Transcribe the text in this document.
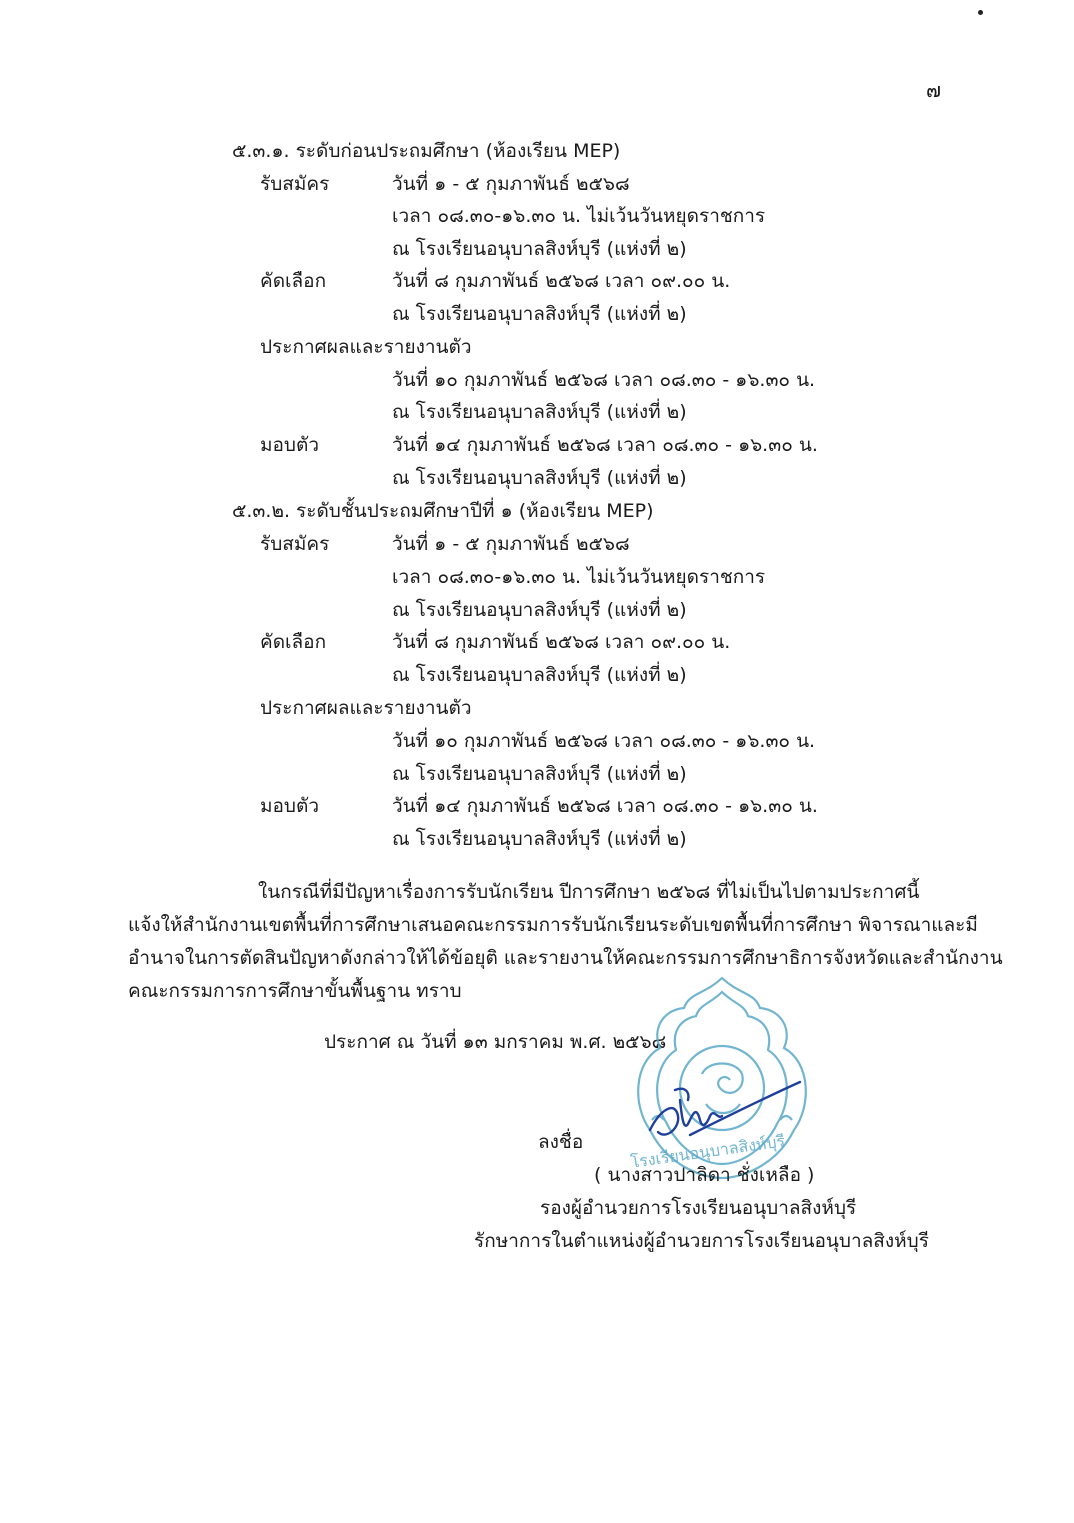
๗
๕.๓.๑. ระดับก่อนประถมศึกษา (ห้องเรียน MEP)
รับสมัคร	วันที่ ๑ - ๕ กุมภาพันธ์ ๒๕๖๘
เวลา ๐๘.๓๐-๑๖.๓๐ น. ไม่เว้นวันหยุดราชการ
ณ โรงเรียนอนุบาลสิงห์บุรี (แห่งที่ ๒)
คัดเลือก	วันที่ ๘ กุมภาพันธ์ ๒๕๖๘ เวลา ๐๙.๐๐ น.
ณ โรงเรียนอนุบาลสิงห์บุรี (แห่งที่ ๒)
ประกาศผลและรายงานตัว
วันที่ ๑๐ กุมภาพันธ์ ๒๕๖๘ เวลา ๐๘.๓๐ - ๑๖.๓๐ น.
ณ โรงเรียนอนุบาลสิงห์บุรี (แห่งที่ ๒)
มอบตัว	วันที่ ๑๔ กุมภาพันธ์ ๒๕๖๘ เวลา ๐๘.๓๐ - ๑๖.๓๐ น.
ณ โรงเรียนอนุบาลสิงห์บุรี (แห่งที่ ๒)
๕.๓.๒. ระดับชั้นประถมศึกษาปีที่ ๑ (ห้องเรียน MEP)
รับสมัคร	วันที่ ๑ - ๕ กุมภาพันธ์ ๒๕๖๘
เวลา ๐๘.๓๐-๑๖.๓๐ น. ไม่เว้นวันหยุดราชการ
ณ โรงเรียนอนุบาลสิงห์บุรี (แห่งที่ ๒)
คัดเลือก	วันที่ ๘ กุมภาพันธ์ ๒๕๖๘ เวลา ๐๙.๐๐ น.
ณ โรงเรียนอนุบาลสิงห์บุรี (แห่งที่ ๒)
ประกาศผลและรายงานตัว
วันที่ ๑๐ กุมภาพันธ์ ๒๕๖๘ เวลา ๐๘.๓๐ - ๑๖.๓๐ น.
ณ โรงเรียนอนุบาลสิงห์บุรี (แห่งที่ ๒)
มอบตัว	วันที่ ๑๔ กุมภาพันธ์ ๒๕๖๘ เวลา ๐๘.๓๐ - ๑๖.๓๐ น.
ณ โรงเรียนอนุบาลสิงห์บุรี (แห่งที่ ๒)
ในกรณีที่มีปัญหาเรื่องการรับนักเรียน ปีการศึกษา ๒๕๖๘ ที่ไม่เป็นไปตามประกาศนี้
แจ้งให้สำนักงานเขตพื้นที่การศึกษาเสนอคณะกรรมการรับนักเรียนระดับเขตพื้นที่การศึกษา พิจารณาและมี
อำนาจในการตัดสินปัญหาดังกล่าวให้ได้ข้อยุติ และรายงานให้คณะกรรมการศึกษาธิการจังหวัดและสำนักงาน
คณะกรรมการการศึกษาขั้นพื้นฐาน ทราบ
ประกาศ ณ วันที่ ๑๓ มกราคม พ.ศ. ๒๕๖๘
โรงเรียนอนุบาลสิงห์บุรี
ลงชื่อ
( นางสาวปาลิดา ชั่งเหลือ )
รองผู้อำนวยการโรงเรียนอนุบาลสิงห์บุรี
รักษาการในตำแหน่งผู้อำนวยการโรงเรียนอนุบาลสิงห์บุรี
